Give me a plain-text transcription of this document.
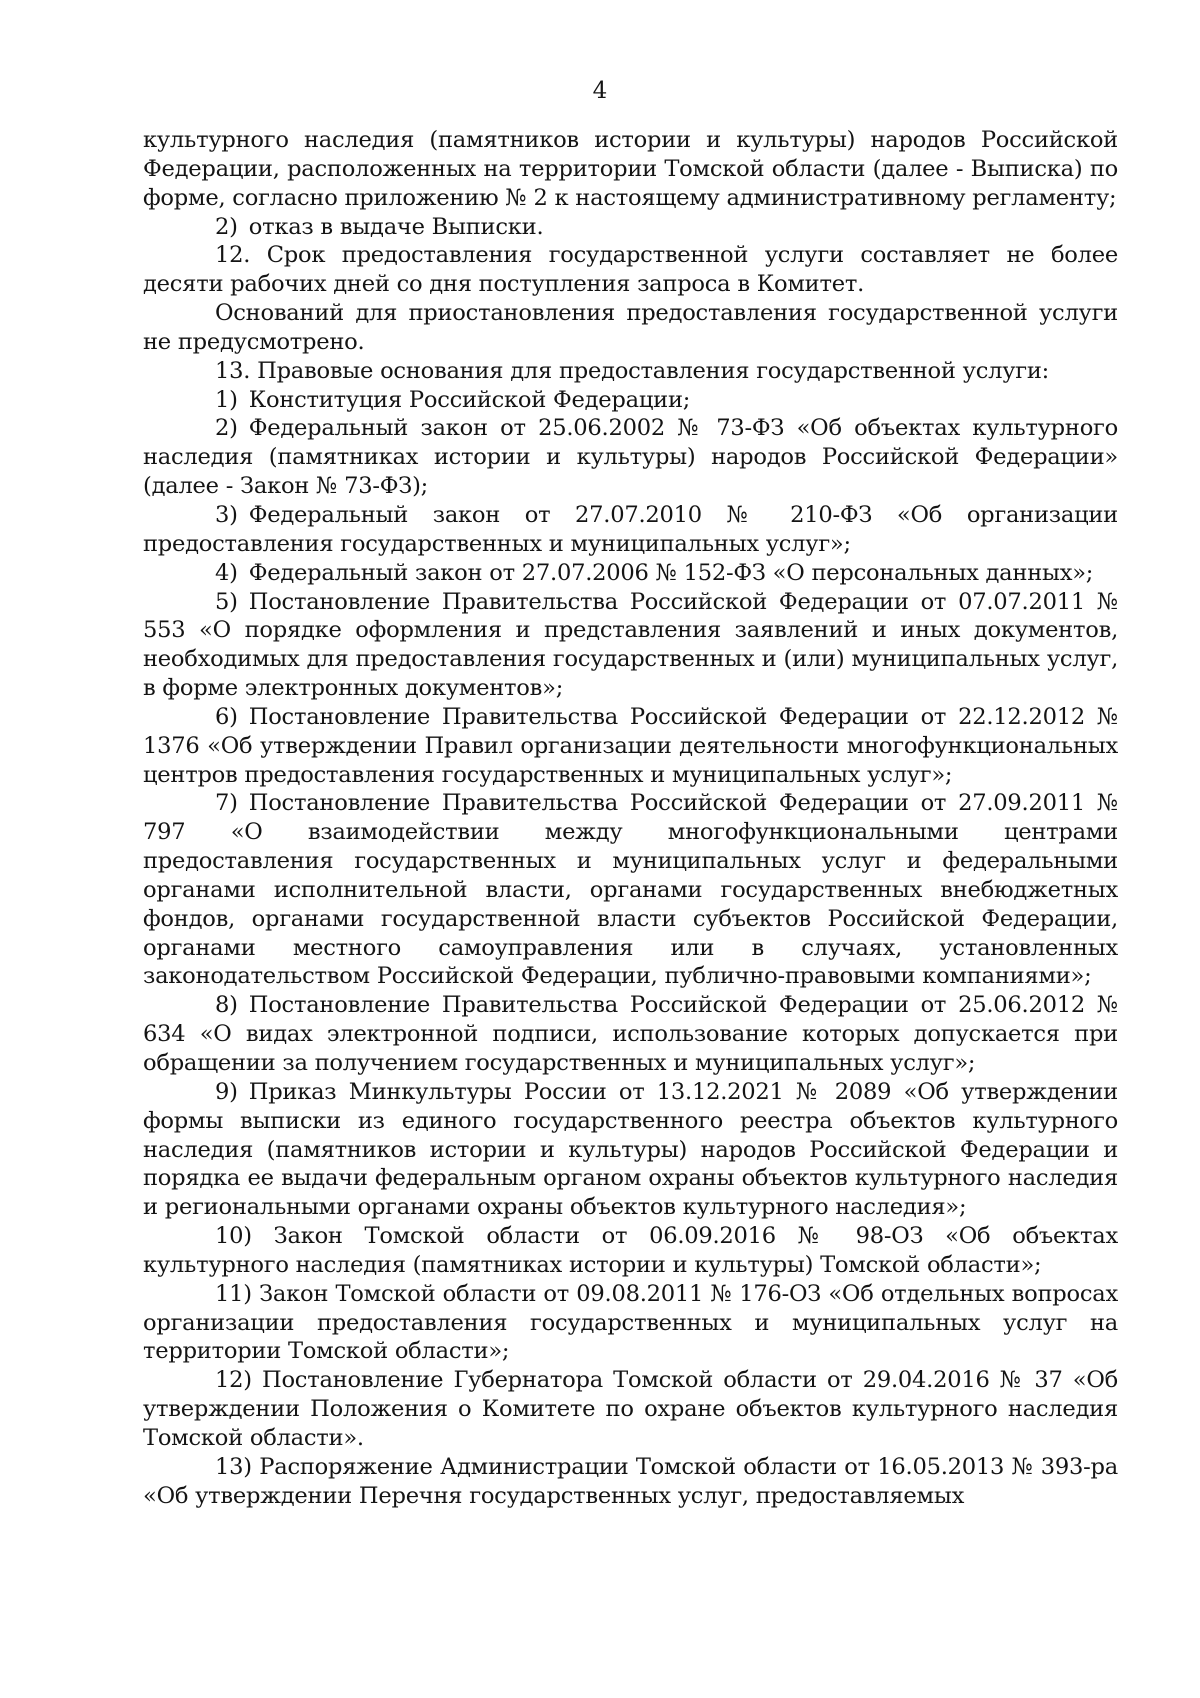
4

культурного наследия (памятников истории и культуры) народов Российской Федерации, расположенных на территории Томской области (далее - Выписка) по форме, согласно приложению № 2 к настоящему административному регламенту;

2) отказ в выдаче Выписки.

12. Срок предоставления государственной услуги составляет не более десяти рабочих дней со дня поступления запроса в Комитет.

Оснований для приостановления предоставления государственной услуги не предусмотрено.

13. Правовые основания для предоставления государственной услуги:

1) Конституция Российской Федерации;

2) Федеральный закон от 25.06.2002 № 73-ФЗ «Об объектах культурного наследия (памятниках истории и культуры) народов Российской Федерации» (далее - Закон № 73-ФЗ);

3) Федеральный закон от 27.07.2010 № 210-ФЗ «Об организации предоставления государственных и муниципальных услуг»;

4) Федеральный закон от 27.07.2006 № 152-ФЗ «О персональных данных»;

5) Постановление Правительства Российской Федерации от 07.07.2011 № 553 «О порядке оформления и представления заявлений и иных документов, необходимых для предоставления государственных и (или) муниципальных услуг, в форме электронных документов»;

6) Постановление Правительства Российской Федерации от 22.12.2012 № 1376 «Об утверждении Правил организации деятельности многофункциональных центров предоставления государственных и муниципальных услуг»;

7) Постановление Правительства Российской Федерации от 27.09.2011 № 797 «О взаимодействии между многофункциональными центрами предоставления государственных и муниципальных услуг и федеральными органами исполнительной власти, органами государственных внебюджетных фондов, органами государственной власти субъектов Российской Федерации, органами местного самоуправления или в случаях, установленных законодательством Российской Федерации, публично-правовыми компаниями»;

8) Постановление Правительства Российской Федерации от 25.06.2012 № 634 «О видах электронной подписи, использование которых допускается при обращении за получением государственных и муниципальных услуг»;

9) Приказ Минкультуры России от 13.12.2021 № 2089 «Об утверждении формы выписки из единого государственного реестра объектов культурного наследия (памятников истории и культуры) народов Российской Федерации и порядка ее выдачи федеральным органом охраны объектов культурного наследия и региональными органами охраны объектов культурного наследия»;

10) Закон Томской области от 06.09.2016 № 98-ОЗ «Об объектах культурного наследия (памятниках истории и культуры) Томской области»;

11) Закон Томской области от 09.08.2011 № 176-ОЗ «Об отдельных вопросах организации предоставления государственных и муниципальных услуг на территории Томской области»;

12) Постановление Губернатора Томской области от 29.04.2016 № 37 «Об утверждении Положения о Комитете по охране объектов культурного наследия Томской области».

13) Распоряжение Администрации Томской области от 16.05.2013 № 393-ра «Об утверждении Перечня государственных услуг, предоставляемых
